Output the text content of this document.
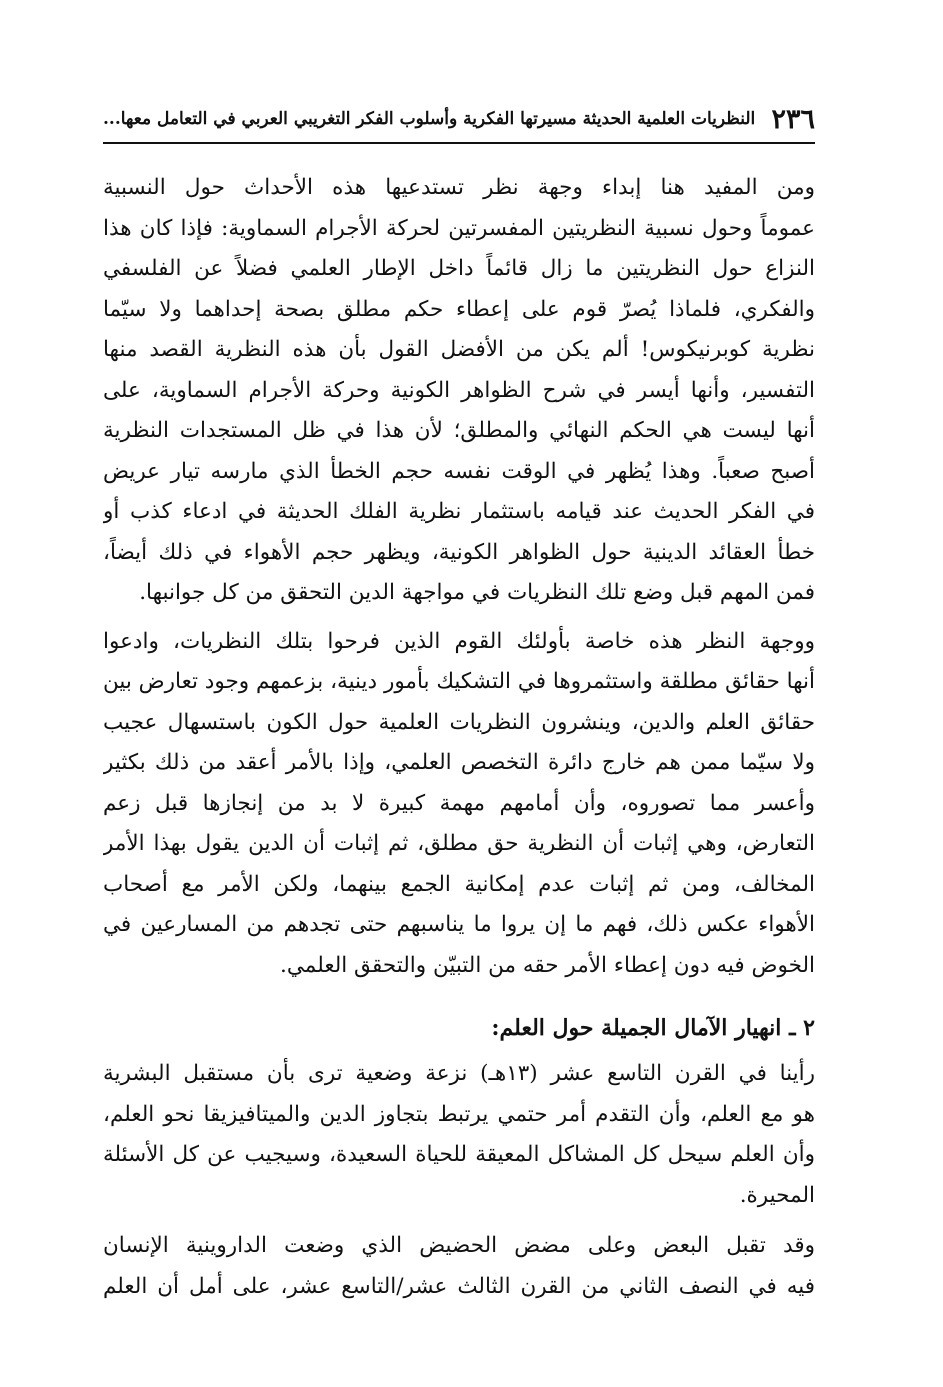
٢٣٦
النظريات العلمية الحديثة مسيرتها الفكرية وأسلوب الفكر التغريبي العربي في التعامل معها...

ومن المفيد هنا إبداء وجهة نظر تستدعيها هذه الأحداث حول النسبية
عموماً وحول نسبية النظريتين المفسرتين لحركة الأجرام السماوية: فإذا كان هذا
النزاع حول النظريتين ما زال قائماً داخل الإطار العلمي فضلاً عن الفلسفي
والفكري، فلماذا يُصرّ قوم على إعطاء حكم مطلق بصحة إحداهما ولا سيّما
نظرية كوبرنيكوس! ألم يكن من الأفضل القول بأن هذه النظرية القصد منها
التفسير، وأنها أيسر في شرح الظواهر الكونية وحركة الأجرام السماوية، على
أنها ليست هي الحكم النهائي والمطلق؛ لأن هذا في ظل المستجدات النظرية
أصبح صعباً. وهذا يُظهر في الوقت نفسه حجم الخطأ الذي مارسه تيار عريض
في الفكر الحديث عند قيامه باستثمار نظرية الفلك الحديثة في ادعاء كذب أو
خطأ العقائد الدينية حول الظواهر الكونية، ويظهر حجم الأهواء في ذلك أيضاً،
فمن المهم قبل وضع تلك النظريات في مواجهة الدين التحقق من كل جوانبها.

ووجهة النظر هذه خاصة بأولئك القوم الذين فرحوا بتلك النظريات، وادعوا
أنها حقائق مطلقة واستثمروها في التشكيك بأمور دينية، بزعمهم وجود تعارض بين
حقائق العلم والدين، وينشرون النظريات العلمية حول الكون باستسهال عجيب
ولا سيّما ممن هم خارج دائرة التخصص العلمي، وإذا بالأمر أعقد من ذلك بكثير
وأعسر مما تصوروه، وأن أمامهم مهمة كبيرة لا بد من إنجازها قبل زعم
التعارض، وهي إثبات أن النظرية حق مطلق، ثم إثبات أن الدين يقول بهذا الأمر
المخالف، ومن ثم إثبات عدم إمكانية الجمع بينهما، ولكن الأمر مع أصحاب
الأهواء عكس ذلك، فهم ما إن يروا ما يناسبهم حتى تجدهم من المسارعين في
الخوض فيه دون إعطاء الأمر حقه من التبيّن والتحقق العلمي.

٢ ـ انهيار الآمال الجميلة حول العلم:

رأينا في القرن التاسع عشر (١٣هـ) نزعة وضعية ترى بأن مستقبل البشرية
هو مع العلم، وأن التقدم أمر حتمي يرتبط بتجاوز الدين والميتافيزيقا نحو العلم،
وأن العلم سيحل كل المشاكل المعيقة للحياة السعيدة، وسيجيب عن كل الأسئلة
المحيرة.

وقد تقبل البعض وعلى مضض الحضيض الذي وضعت الداروينية الإنسان
فيه في النصف الثاني من القرن الثالث عشر/التاسع عشر، على أمل أن العلم
